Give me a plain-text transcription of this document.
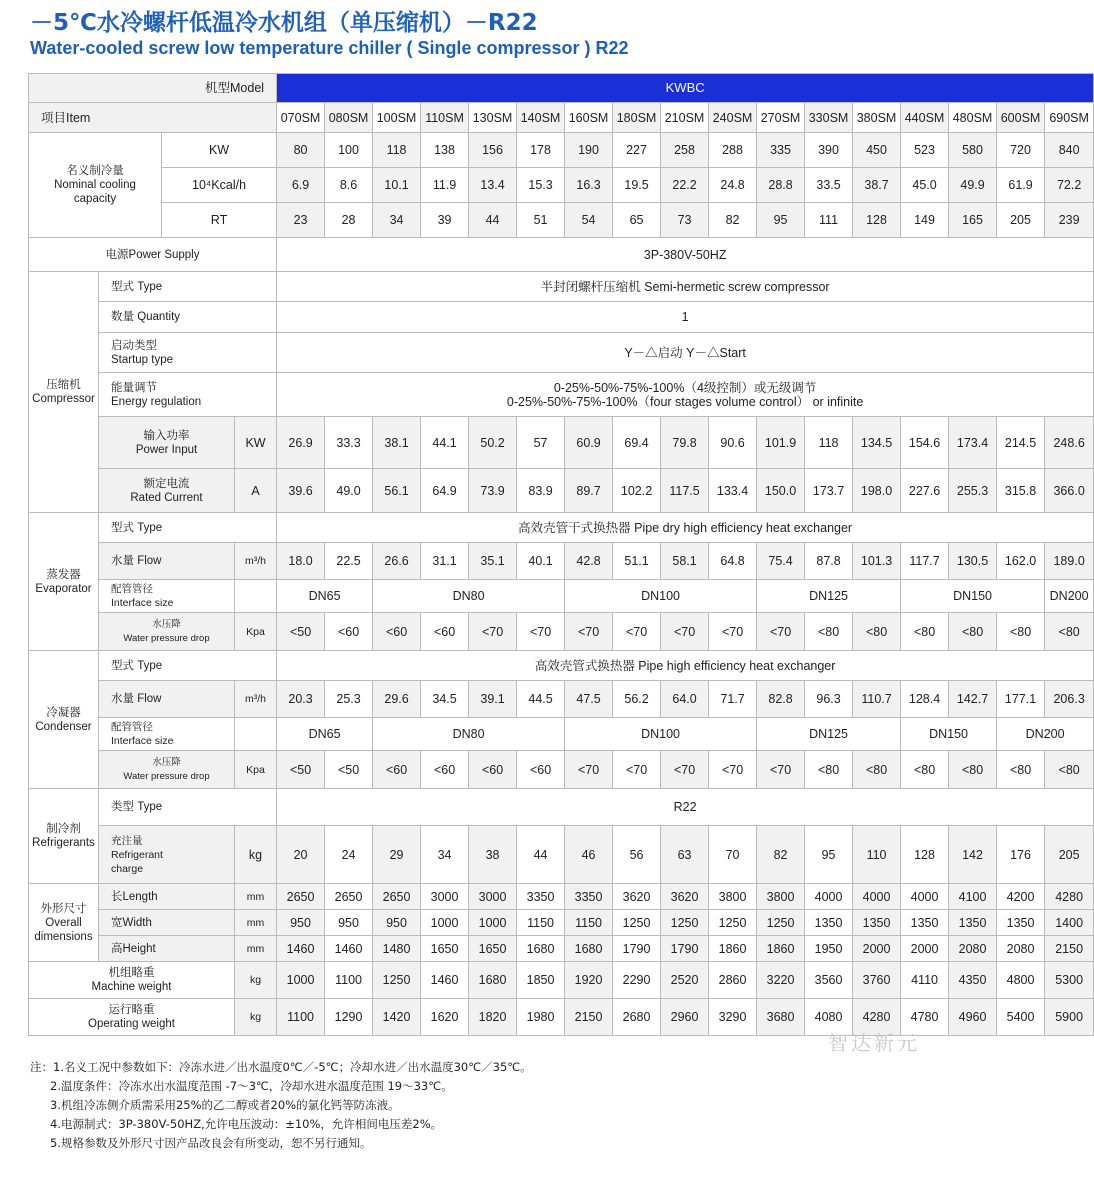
－5℃水冷螺杆低温冷水机组（单压缩机）－R22
Water-cooled screw low temperature chiller ( Single compressor ) R22
机型Model				KWBC																
项目Item				070SM	080SM	100SM	110SM	130SM	140SM	160SM	180SM	210SM	240SM	270SM	330SM	380SM	440SM	480SM	600SM	690SM
名义制冷量
Nominal cooling
capacity		KW		80	100	118	138	156	178	190	227	258	288	335	390	450	523	580	720	840
		10⁴Kcal/h		6.9	8.6	10.1	11.9	13.4	15.3	16.3	19.5	22.2	24.8	28.8	33.5	38.7	45.0	49.9	61.9	72.2
		RT		23	28	34	39	44	51	54	65	73	82	95	111	128	149	165	205	239
电源Power Supply				3P-380V-50HZ																
压缩机
Compressor	型式 Type			半封闭螺杆压缩机 Semi-hermetic screw compressor																
	数量 Quantity			1																
	启动类型
Startup type			Y－△启动 Y－△Start																
	能量调节
Energy regulation			0-25%-50%-75%-100%（4级控制）或无级调节
0-25%-50%-75%-100%（four stages volume control） or infinite																
	输入功率
Power Input		KW	26.9	33.3	38.1	44.1	50.2	57	60.9	69.4	79.8	90.6	101.9	118	134.5	154.6	173.4	214.5	248.6
	额定电流
Rated Current		A	39.6	49.0	56.1	64.9	73.9	83.9	89.7	102.2	117.5	133.4	150.0	173.7	198.0	227.6	255.3	315.8	366.0
蒸发器
Evaporator	型式 Type			高效壳管干式换热器 Pipe dry high efficiency heat exchanger																
	水量 Flow		m³/h	18.0	22.5	26.6	31.1	35.1	40.1	42.8	51.1	58.1	64.8	75.4	87.8	101.3	117.7	130.5	162.0	189.0
	配管管径
Interface size			DN65		DN80				DN100				DN125			DN150			DN200
	水压降
Water pressure drop		Kpa	<50	<60	<60	<60	<70	<70	<70	<70	<70	<70	<70	<80	<80	<80	<80	<80	<80
冷凝器
Condenser	型式 Type			高效壳管式换热器 Pipe high efficiency heat exchanger																
	水量 Flow		m³/h	20.3	25.3	29.6	34.5	39.1	44.5	47.5	56.2	64.0	71.7	82.8	96.3	110.7	128.4	142.7	177.1	206.3
	配管管径
Interface size			DN65		DN80				DN100				DN125			DN150		DN200	
	水压降
Water pressure drop		Kpa	<50	<50	<60	<60	<60	<60	<70	<70	<70	<70	<70	<80	<80	<80	<80	<80	<80
制冷剂
Refrigerants	类型 Type			R22																
	充注量
Refrigerant
charge		kg	20	24	29	34	38	44	46	56	63	70	82	95	110	128	142	176	205
外形尺寸
Overall
dimensions	长Length		mm	2650	2650	2650	3000	3000	3350	3350	3620	3620	3800	3800	4000	4000	4000	4100	4200	4280
	宽Width		mm	950	950	950	1000	1000	1150	1150	1250	1250	1250	1250	1350	1350	1350	1350	1350	1400
	高Height		mm	1460	1460	1480	1650	1650	1680	1680	1790	1790	1860	1860	1950	2000	2000	2080	2080	2150
机组略重
Machine weight			kg	1000	1100	1250	1460	1680	1850	1920	2290	2520	2860	3220	3560	3760	4110	4350	4800	5300
运行略重
Operating weight			kg	1100	1290	1420	1620	1820	1980	2150	2680	2960	3290	3680	4080	4280	4780	4960	5400	5900
智达新元
注：1.名义工况中参数如下：冷冻水进／出水温度0℃／-5℃；冷却水进／出水温度30℃／35℃。
2.温度条件：冷冻水出水温度范围 -7～3℃，冷却水进水温度范围 19～33℃。
3.机组冷冻侧介质需采用25%的乙二醇或者20%的氯化钙等防冻液。
4.电源制式：3P-380V-50HZ,允许电压波动：±10%，允许相间电压差2%。
5.规格参数及外形尺寸因产品改良会有所变动，恕不另行通知。
